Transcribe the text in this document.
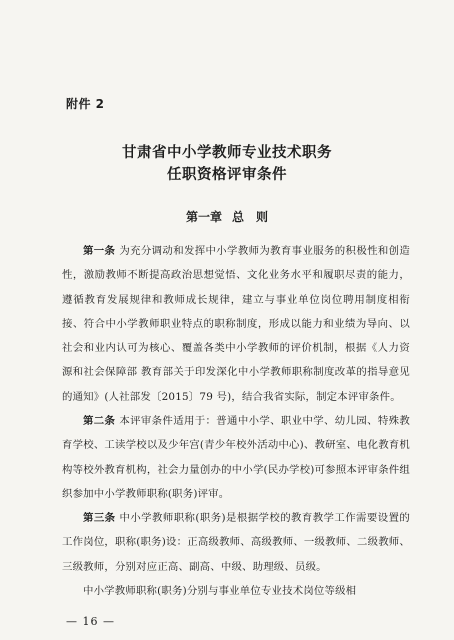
附件 2
甘肃省中小学教师专业技术职务
任职资格评审条件
第一章 总　则
第一条 为充分调动和发挥中小学教师为教育事业服务的积极性和创造性，激励教师不断提高政治思想觉悟、文化业务水平和履职尽责的能力，遵循教育发展规律和教师成长规律，建立与事业单位岗位聘用制度相衔接、符合中小学教师职业特点的职称制度，形成以能力和业绩为导向、以社会和业内认可为核心、覆盖各类中小学教师的评价机制，根据《人力资源和社会保障部 教育部关于印发深化中小学教师职称制度改革的指导意见的通知》(人社部发〔2015〕79 号)，结合我省实际，制定本评审条件。
第二条 本评审条件适用于：普通中小学、职业中学、幼儿园、特殊教育学校、工读学校以及少年宫(青少年校外活动中心)、教研室、电化教育机构等校外教育机构，社会力量创办的中小学(民办学校)可参照本评审条件组织参加中小学教师职称(职务)评审。
第三条 中小学教师职称(职务)是根据学校的教育教学工作需要设置的工作岗位，职称(职务)设：正高级教师、高级教师、一级教师、二级教师、三级教师，分别对应正高、副高、中级、助理级、员级。
中小学教师职称(职务)分别与事业单位专业技术岗位等级相
— 16 —
